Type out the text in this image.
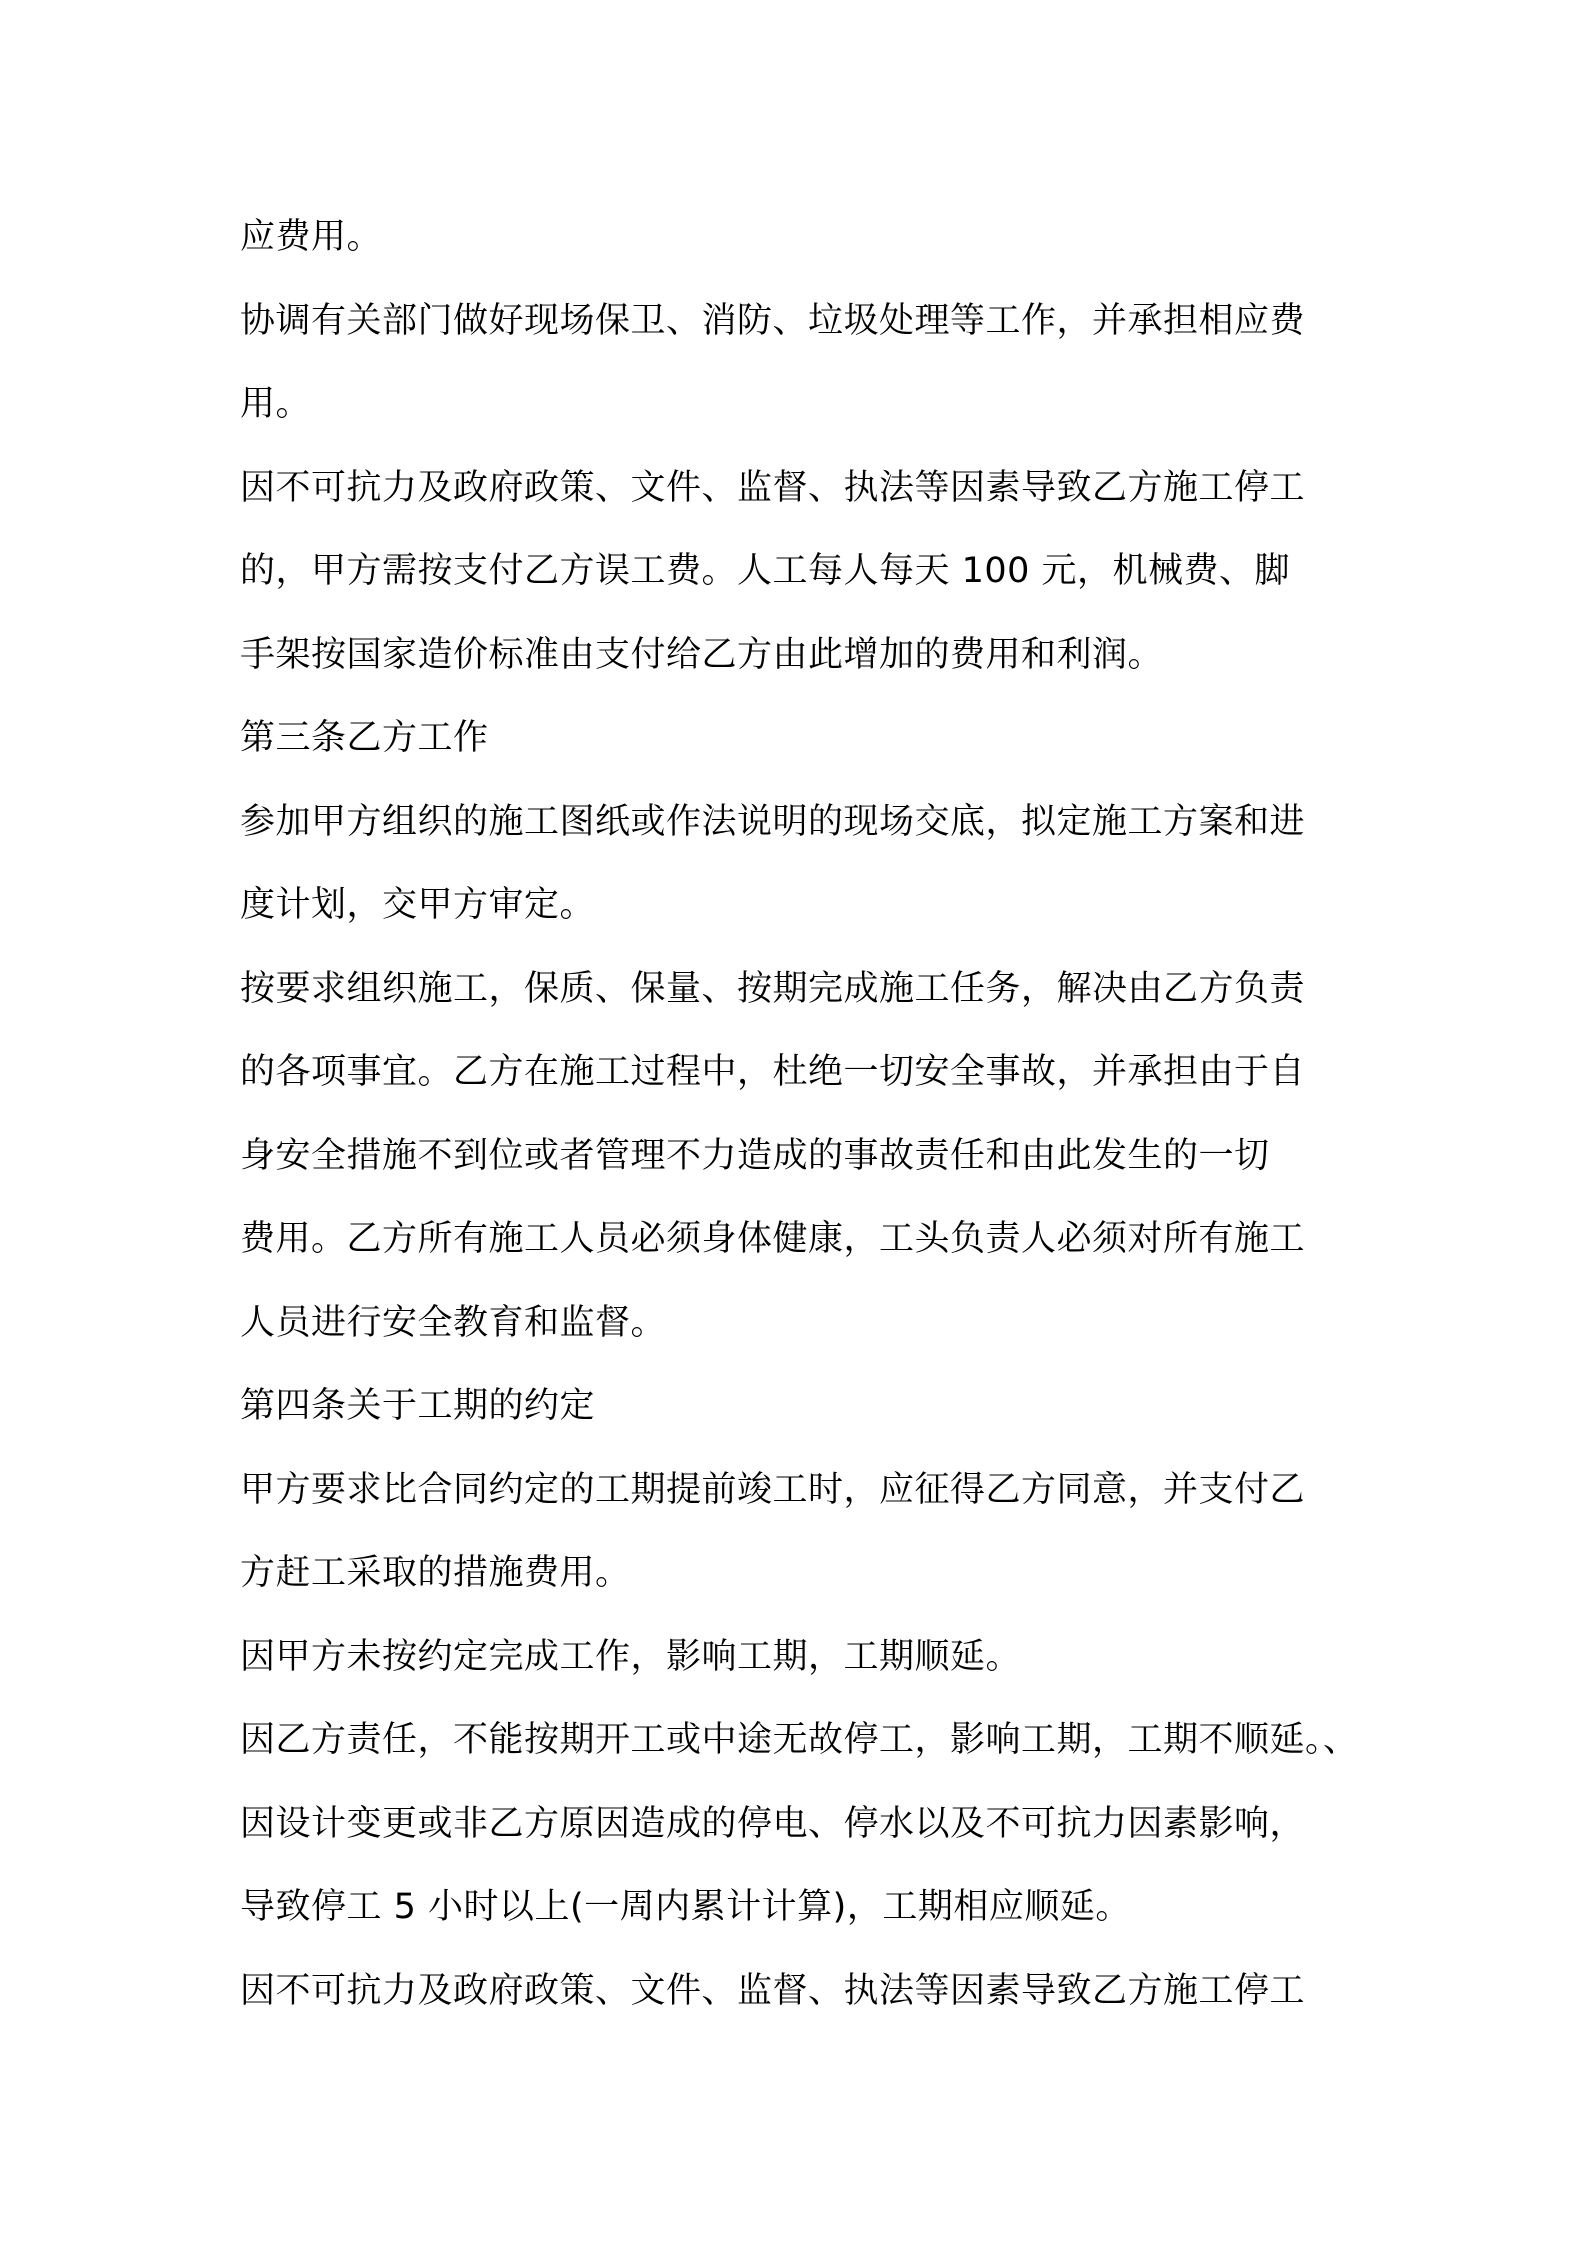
应费用。
协调有关部门做好现场保卫、消防、垃圾处理等工作，并承担相应费
用。
因不可抗力及政府政策、文件、监督、执法等因素导致乙方施工停工
的，甲方需按支付乙方误工费。人工每人每天 100 元，机械费、脚
手架按国家造价标准由支付给乙方由此增加的费用和利润。
第三条乙方工作
参加甲方组织的施工图纸或作法说明的现场交底，拟定施工方案和进
度计划，交甲方审定。
按要求组织施工，保质、保量、按期完成施工任务，解决由乙方负责
的各项事宜。乙方在施工过程中，杜绝一切安全事故，并承担由于自
身安全措施不到位或者管理不力造成的事故责任和由此发生的一切
费用。乙方所有施工人员必须身体健康，工头负责人必须对所有施工
人员进行安全教育和监督。
第四条关于工期的约定
甲方要求比合同约定的工期提前竣工时，应征得乙方同意，并支付乙
方赶工采取的措施费用。
因甲方未按约定完成工作，影响工期，工期顺延。
因乙方责任，不能按期开工或中途无故停工，影响工期，工期不顺延。、
因设计变更或非乙方原因造成的停电、停水以及不可抗力因素影响，
导致停工 5 小时以上(一周内累计计算)，工期相应顺延。
因不可抗力及政府政策、文件、监督、执法等因素导致乙方施工停工
